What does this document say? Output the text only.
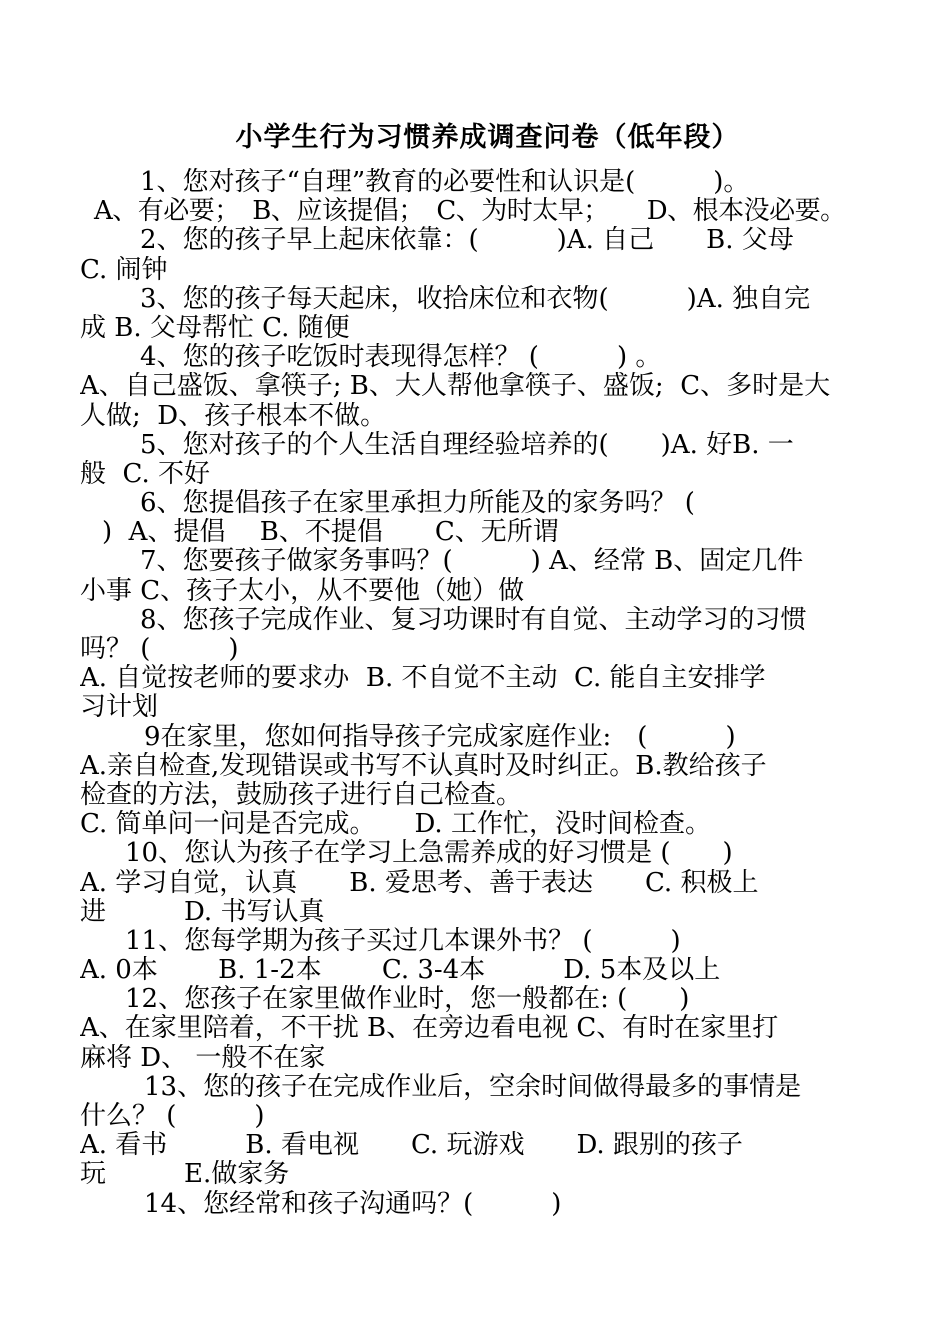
小学生行为习惯养成调查问卷（低年段）
1、您对孩子“自理”教育的必要性和认识是(　　　)。
A、有必要；　B、应该提倡；　C、为时太早；　　D、根本没必要。
2、您的孩子早上起床依靠：(　　　)A. 自己　　B. 父母
C. 闹钟
3、您的孩子每天起床，收拾床位和衣物(　　　)A. 独自完
成 B. 父母帮忙 C. 随便
4、您的孩子吃饭时表现得怎样？ (　　　) 。
A、自己盛饭、拿筷子; B、大人帮他拿筷子、盛饭;  C、多时是大
人做;  D、孩子根本不做。
5、您对孩子的个人生活自理经验培养的(　　)A. 好B. 一
般  C. 不好
6、您提倡孩子在家里承担力所能及的家务吗？ (
)  A、提倡　 B、不提倡　　C、无所谓
7、您要孩子做家务事吗？(　　　) A、经常 B、固定几件
小事 C、孩子太小，从不要他（她）做
8、您孩子完成作业、复习功课时有自觉、主动学习的习惯
吗？ (　　　)
A. 自觉按老师的要求办  B. 不自觉不主动  C. 能自主安排学
习计划
9在家里，您如何指导孩子完成家庭作业:　(　　　)
A.亲自检查,发现错误或书写不认真时及时纠正。B.教给孩子
检查的方法，鼓励孩子进行自己检查。
C. 简单问一问是否完成。　　D. 工作忙，没时间检查。
10、您认为孩子在学习上急需养成的好习惯是 (　　)
A. 学习自觉，认真　　B. 爱思考、善于表达　　C. 积极上
进　　　D. 书写认真
11、您每学期为孩子买过几本课外书？ (　　　)
A. 0本　　 B. 1-2本　　 C. 3-4本　　　D. 5本及以上
12、您孩子在家里做作业时，您一般都在: (　　)
A、在家里陪着，不干扰 B、在旁边看电视 C、有时在家里打
麻将 D、 一般不在家
13、您的孩子在完成作业后，空余时间做得最多的事情是
什么？ (　　　)
A. 看书　　　B. 看电视　　C. 玩游戏　　D. 跟别的孩子
玩　　　E.做家务
14、您经常和孩子沟通吗？(　　　)
